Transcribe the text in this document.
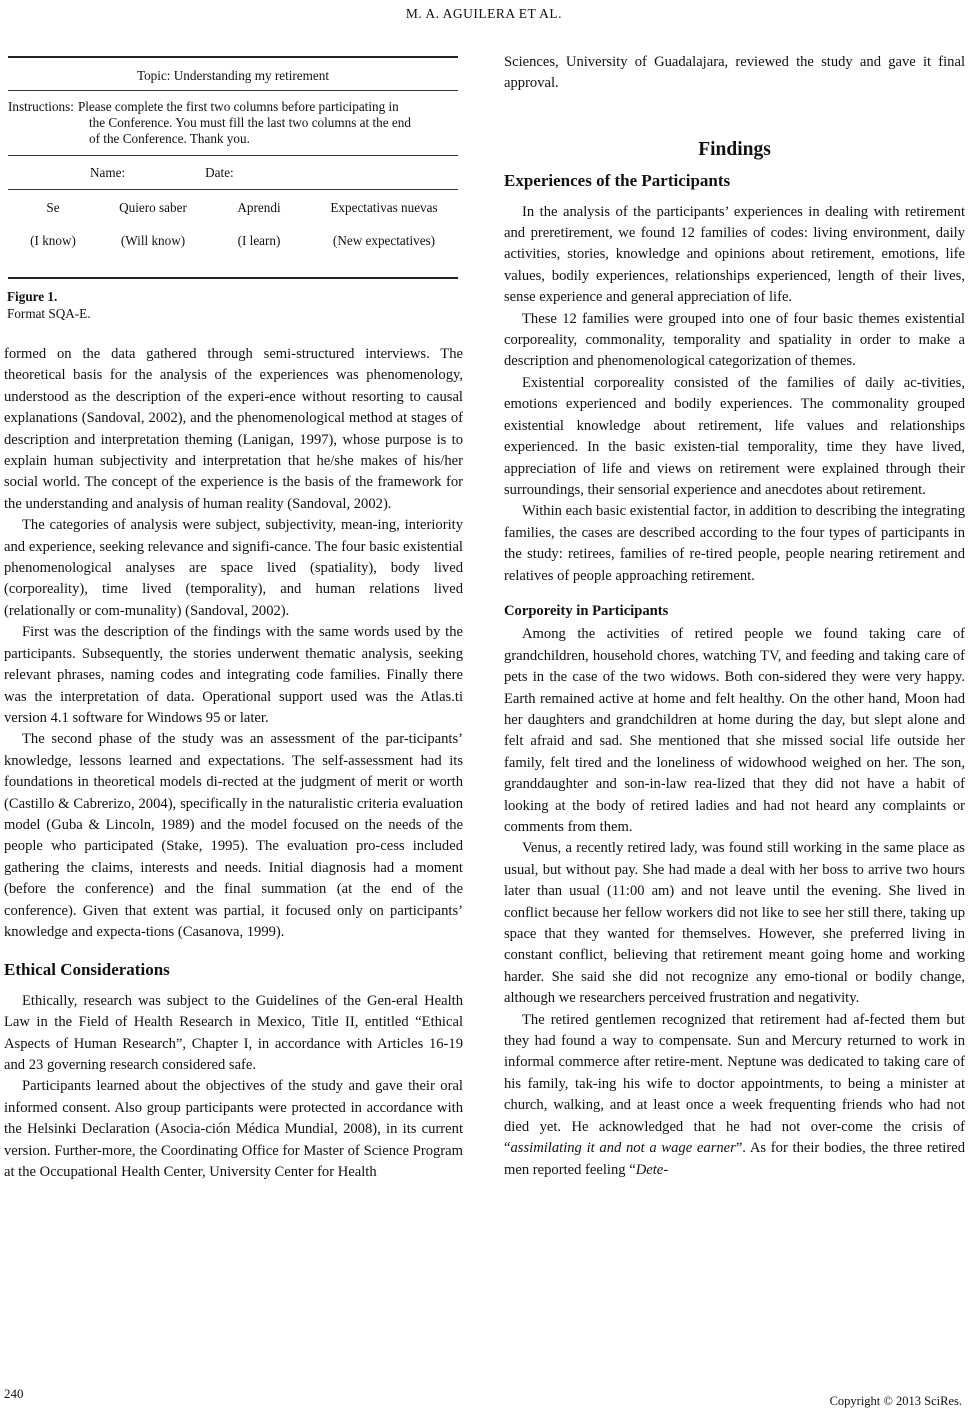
M. A. AGUILERA ET AL.
Topic: Understanding my retirement
Instructions: Please complete the first two columns before participating in
the Conference. You must fill the last two columns at the end
of the Conference. Thank you.
Name:	Date:
Se	Quiero saber	Aprendi	Expectativas nuevas
(I know)	(Will know)	(I learn)	(New expectatives)
Figure 1.
Format SQA-E.

formed on the data gathered through semi-structured interviews. The theoretical basis for the analysis of the experiences was phenomenology, understood as the description of the experi-ence without resorting to causal explanations (Sandoval, 2002), and the phenomenological method at stages of description and interpretation theming (Lanigan, 1997), whose purpose is to explain human subjectivity and interpretation that he/she makes of his/her social world. The concept of the experience is the basis of the framework for the understanding and analysis of human reality (Sandoval, 2002).

The categories of analysis were subject, subjectivity, mean-ing, interiority and experience, seeking relevance and signifi-cance. The four basic existential phenomenological analyses are space lived (spatiality), body lived (corporeality), time lived (temporality), and human relations lived (relationally or com-munality) (Sandoval, 2002).

First was the description of the findings with the same words used by the participants. Subsequently, the stories underwent thematic analysis, seeking relevant phrases, naming codes and integrating code families. Finally there was the interpretation of data. Operational support used was the Atlas.ti version 4.1 software for Windows 95 or later.

The second phase of the study was an assessment of the par-ticipants’ knowledge, lessons learned and expectations. The self-assessment had its foundations in theoretical models di-rected at the judgment of merit or worth (Castillo & Cabrerizo, 2004), specifically in the naturalistic criteria evaluation model (Guba & Lincoln, 1989) and the model focused on the needs of the people who participated (Stake, 1995). The evaluation pro-cess included gathering the claims, interests and needs. Initial diagnosis had a moment (before the conference) and the final summation (at the end of the conference). Given that extent was partial, it focused only on participants’ knowledge and expecta-tions (Casanova, 1999).

Ethical Considerations

Ethically, research was subject to the Guidelines of the Gen-eral Health Law in the Field of Health Research in Mexico, Title II, entitled “Ethical Aspects of Human Research”, Chapter I, in accordance with Articles 16-19 and 23 governing research considered safe.

Participants learned about the objectives of the study and gave their oral informed consent. Also group participants were protected in accordance with the Helsinki Declaration (Asocia-ción Médica Mundial, 2008), in its current version. Further-more, the Coordinating Office for Master of Science Program at the Occupational Health Center, University Center for Health

Sciences, University of Guadalajara, reviewed the study and gave it final approval.

Findings
Experiences of the Participants

In the analysis of the participants’ experiences in dealing with retirement and preretirement, we found 12 families of codes: living environment, daily activities, stories, knowledge and opinions about retirement, emotions, life values, bodily experiences, relationships experienced, length of their lives, sense experience and general appreciation of life.

These 12 families were grouped into one of four basic themes existential corporeality, commonality, temporality and spatiality in order to make a description and phenomenological categorization of themes.

Existential corporeality consisted of the families of daily ac-tivities, emotions experienced and bodily experiences. The commonality grouped existential knowledge about retirement, life values and relationships experienced. In the basic existen-tial temporality, time they have lived, appreciation of life and views on retirement were explained through their surroundings, their sensorial experience and anecdotes about retirement.

Within each basic existential factor, in addition to describing the integrating families, the cases are described according to the four types of participants in the study: retirees, families of re-tired people, people nearing retirement and relatives of people approaching retirement.

Corporeity in Participants

Among the activities of retired people we found taking care of grandchildren, household chores, watching TV, and feeding and taking care of pets in the case of the two widows. Both con-sidered they were very happy. Earth remained active at home and felt healthy. On the other hand, Moon had her daughters and grandchildren at home during the day, but slept alone and felt afraid and sad. She mentioned that she missed social life outside her family, felt tired and the loneliness of widowhood weighed on her. The son, granddaughter and son-in-law rea-lized that they did not have a habit of looking at the body of retired ladies and had not heard any complaints or comments from them.

Venus, a recently retired lady, was found still working in the same place as usual, but without pay. She had made a deal with her boss to arrive two hours later than usual (11:00 am) and not leave until the evening. She lived in conflict because her fellow workers did not like to see her still there, taking up space that they wanted for themselves. However, she preferred living in constant conflict, believing that retirement meant going home and working harder. She said she did not recognize any emo-tional or bodily change, although we researchers perceived frustration and negativity.

The retired gentlemen recognized that retirement had af-fected them but they had found a way to compensate. Sun and Mercury returned to work in informal commerce after retire-ment. Neptune was dedicated to taking care of his family, tak-ing his wife to doctor appointments, to being a minister at church, walking, and at least once a week frequenting friends who had not died yet. He acknowledged that he had not over-come the crisis of “assimilating it and not a wage earner”. As for their bodies, the three retired men reported feeling “Dete-

240	Copyright © 2013 SciRes.
